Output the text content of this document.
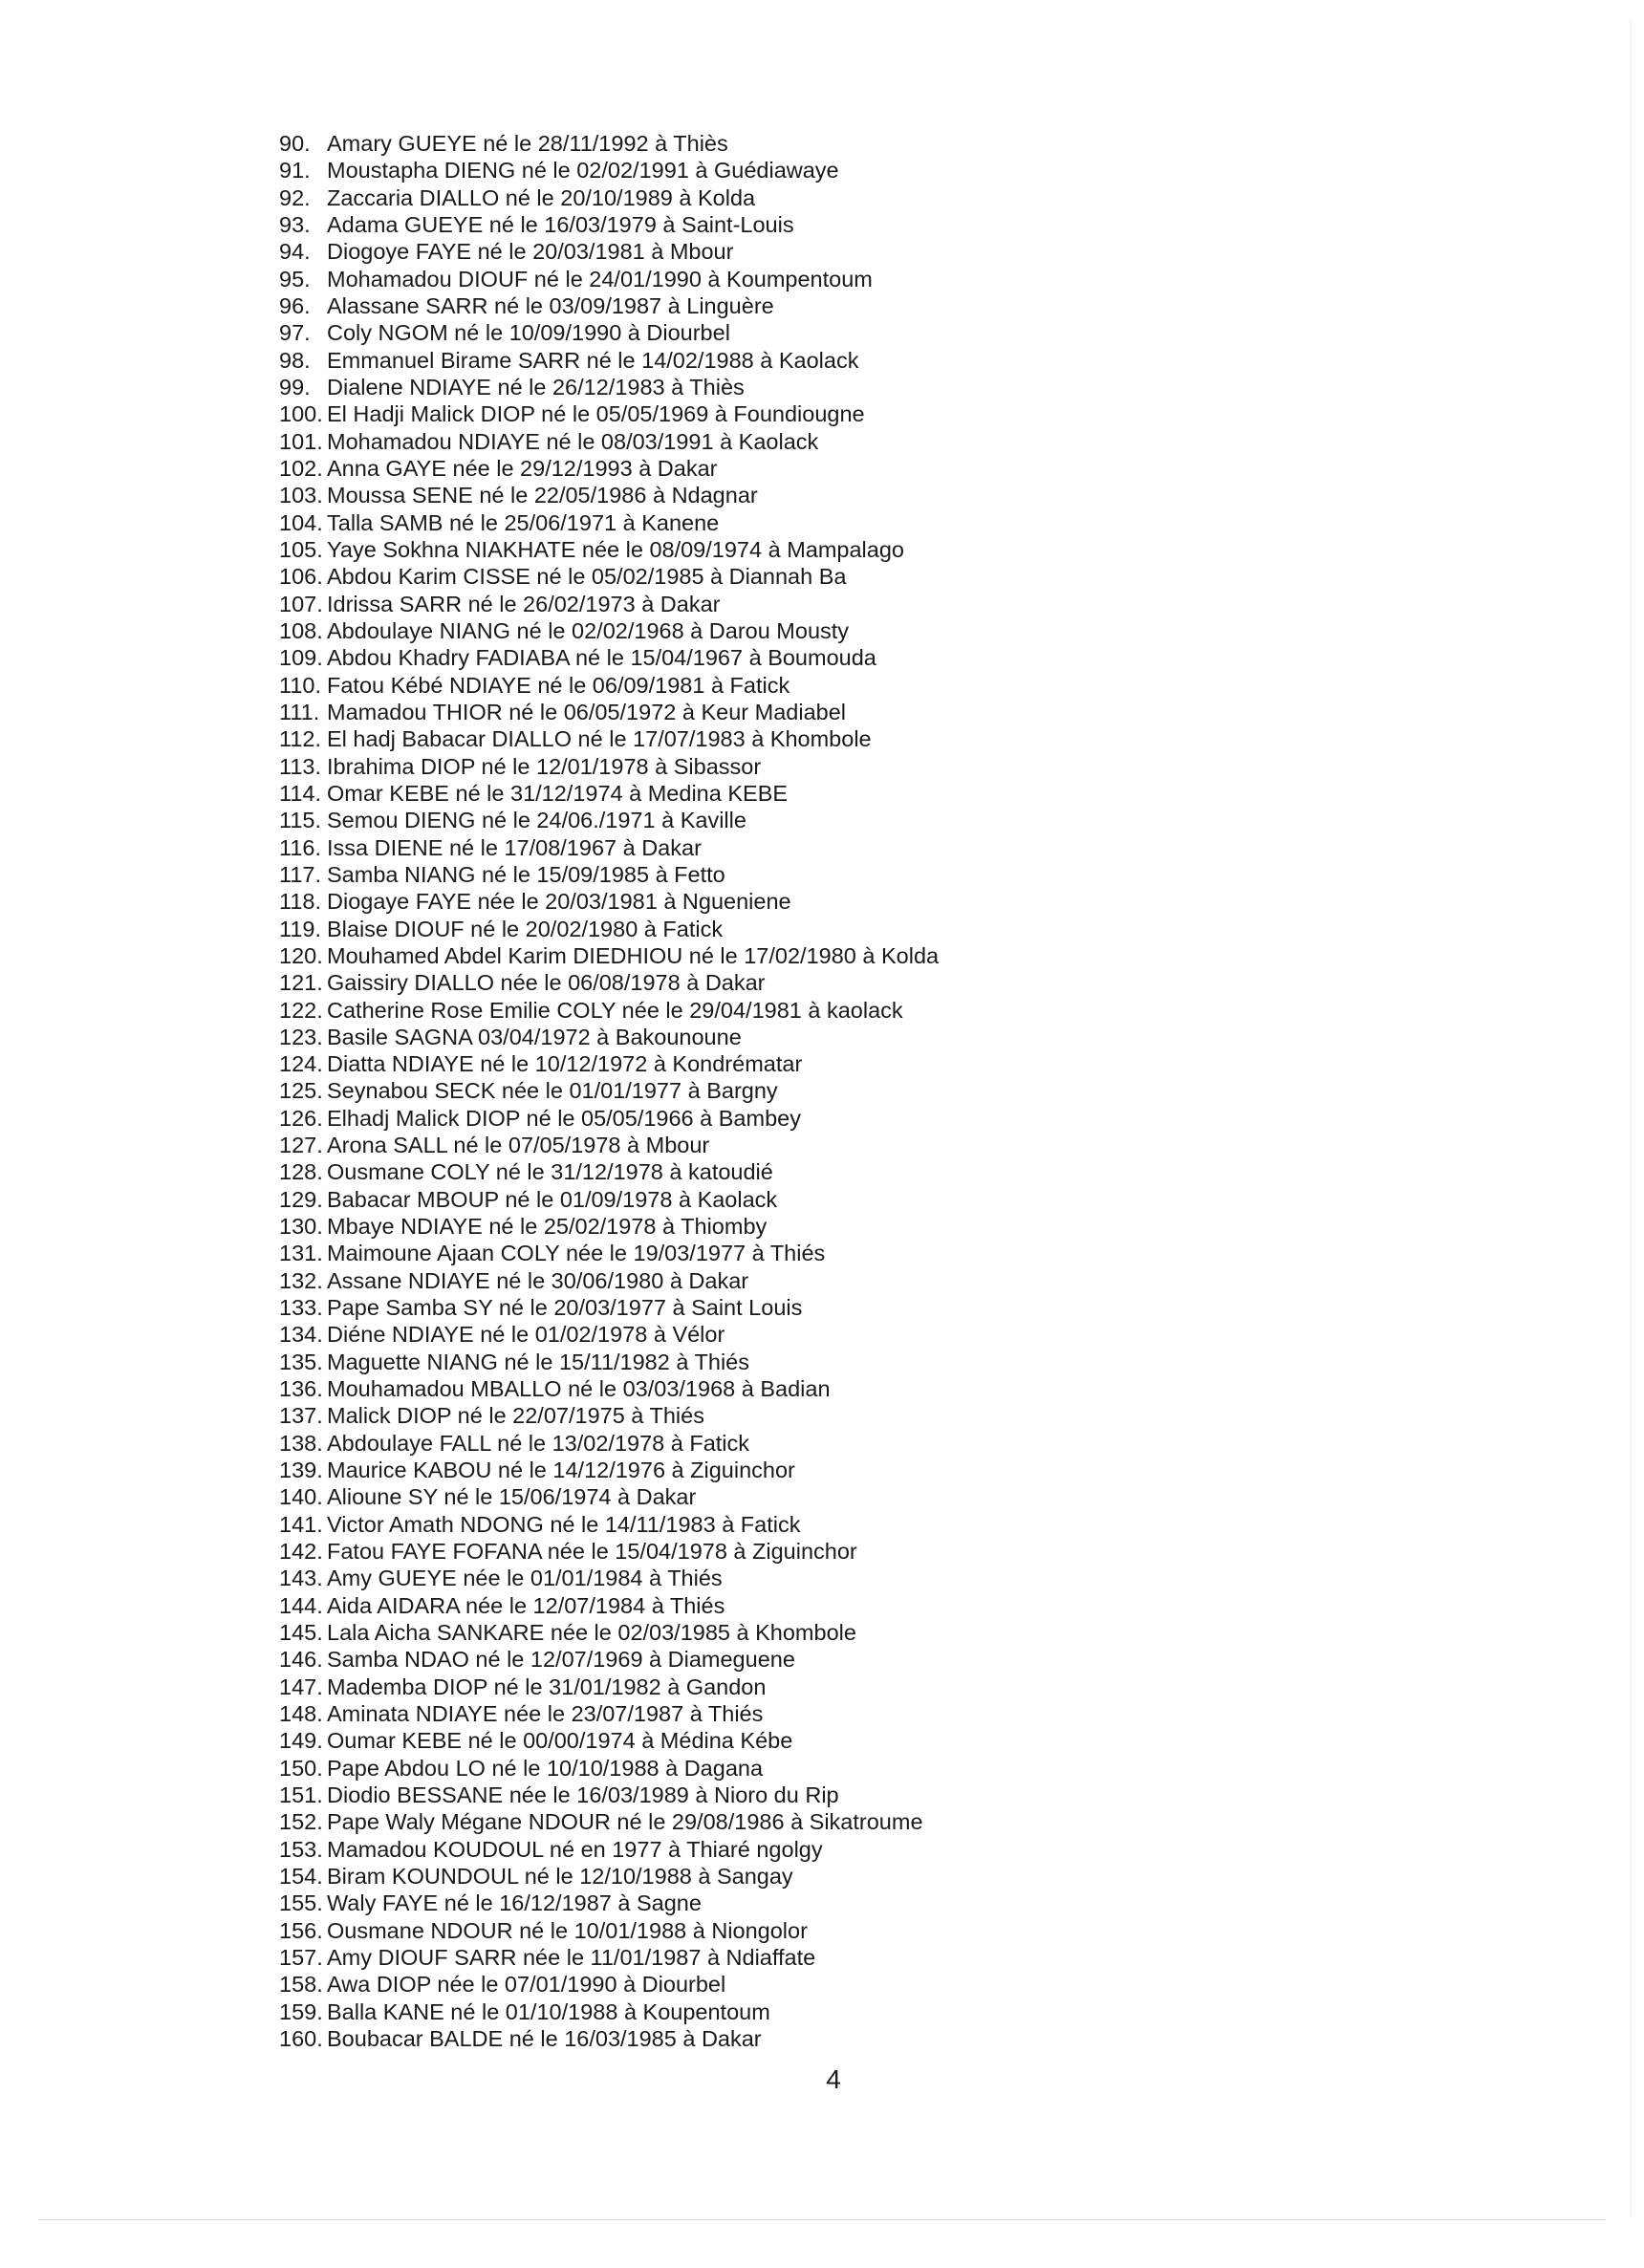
90. Amary GUEYE né le 28/11/1992 à Thiès
91. Moustapha DIENG né le 02/02/1991 à Guédiawaye
92. Zaccaria DIALLO né le 20/10/1989 à Kolda
93. Adama GUEYE né le 16/03/1979 à Saint-Louis
94. Diogoye FAYE né le 20/03/1981 à Mbour
95. Mohamadou DIOUF né le 24/01/1990 à Koumpentoum
96. Alassane SARR né le 03/09/1987 à Linguère
97. Coly NGOM né le 10/09/1990 à Diourbel
98. Emmanuel Birame SARR né le 14/02/1988 à Kaolack
99. Dialene NDIAYE né le 26/12/1983 à Thiès
100. El Hadji Malick DIOP né le 05/05/1969 à Foundiougne
101. Mohamadou NDIAYE né le 08/03/1991 à Kaolack
102. Anna GAYE née le 29/12/1993 à Dakar
103. Moussa SENE né le 22/05/1986 à Ndagnar
104. Talla SAMB né le 25/06/1971 à Kanene
105. Yaye Sokhna NIAKHATE née le 08/09/1974 à Mampalago
106. Abdou Karim CISSE né le 05/02/1985 à Diannah Ba
107. Idrissa SARR né le 26/02/1973 à Dakar
108. Abdoulaye NIANG né le 02/02/1968 à Darou Mousty
109. Abdou Khadry FADIABA né le 15/04/1967 à Boumouda
110. Fatou Kébé NDIAYE né le 06/09/1981 à Fatick
111. Mamadou THIOR né le 06/05/1972 à Keur Madiabel
112. El hadj Babacar DIALLO né le 17/07/1983 à Khombole
113. Ibrahima DIOP né le 12/01/1978 à Sibassor
114. Omar KEBE né le 31/12/1974 à Medina KEBE
115. Semou DIENG né le 24/06./1971 à Kaville
116. Issa DIENE né le 17/08/1967 à Dakar
117. Samba NIANG né le 15/09/1985 à Fetto
118. Diogaye FAYE née le 20/03/1981 à Ngueniene
119. Blaise DIOUF né le 20/02/1980 à Fatick
120. Mouhamed Abdel Karim DIEDHIOU né le 17/02/1980 à Kolda
121. Gaissiry DIALLO née le 06/08/1978 à Dakar
122. Catherine Rose Emilie COLY née le 29/04/1981 à kaolack
123. Basile SAGNA 03/04/1972 à Bakounoune
124. Diatta NDIAYE né le 10/12/1972 à Kondrématar
125. Seynabou SECK née le 01/01/1977 à Bargny
126. Elhadj Malick DIOP né le 05/05/1966 à Bambey
127. Arona SALL né le 07/05/1978 à Mbour
128. Ousmane COLY né le 31/12/1978 à katoudié
129. Babacar MBOUP né le 01/09/1978 à Kaolack
130. Mbaye NDIAYE né le 25/02/1978 à Thiomby
131. Maimoune Ajaan COLY née le 19/03/1977 à Thiés
132. Assane NDIAYE né le 30/06/1980 à Dakar
133. Pape Samba SY né le 20/03/1977 à Saint Louis
134. Diéne NDIAYE né le 01/02/1978 à Vélor
135. Maguette NIANG né le 15/11/1982 à Thiés
136. Mouhamadou MBALLO né le 03/03/1968 à Badian
137. Malick DIOP né le 22/07/1975 à Thiés
138. Abdoulaye FALL né le 13/02/1978 à Fatick
139. Maurice KABOU né le 14/12/1976 à Ziguinchor
140. Alioune SY né le 15/06/1974 à Dakar
141. Victor Amath NDONG né le 14/11/1983 à Fatick
142. Fatou FAYE FOFANA née le 15/04/1978 à Ziguinchor
143. Amy GUEYE née le 01/01/1984 à Thiés
144. Aida AIDARA née le 12/07/1984 à Thiés
145. Lala Aicha SANKARE née le 02/03/1985 à Khombole
146. Samba NDAO né le 12/07/1969 à Diameguene
147. Mademba DIOP né le 31/01/1982 à Gandon
148. Aminata NDIAYE née le 23/07/1987 à Thiés
149. Oumar KEBE né le 00/00/1974 à Médina Kébe
150. Pape Abdou LO né le 10/10/1988 à Dagana
151. Diodio BESSANE née le 16/03/1989 à Nioro du Rip
152. Pape Waly Mégane NDOUR né le 29/08/1986 à Sikatroume
153. Mamadou KOUDOUL né en 1977 à Thiaré ngolgy
154. Biram KOUNDOUL né le 12/10/1988 à Sangay
155. Waly FAYE né le 16/12/1987 à Sagne
156. Ousmane NDOUR né le 10/01/1988 à Niongolor
157. Amy DIOUF SARR née le 11/01/1987 à Ndiaffate
158. Awa DIOP née le 07/01/1990 à Diourbel
159. Balla KANE né le 01/10/1988 à Koupentoum
160. Boubacar BALDE né le 16/03/1985 à Dakar
4
